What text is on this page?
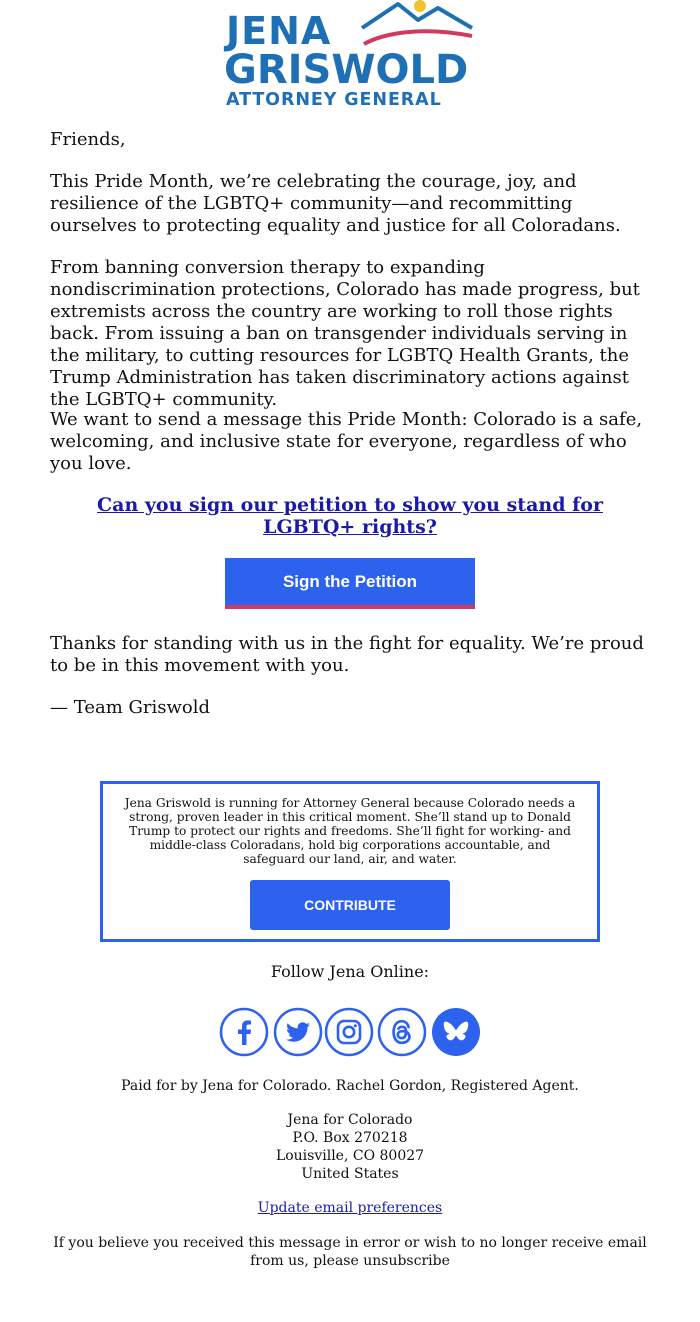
JENA
GRISWOLD
ATTORNEY GENERAL

Friends,

This Pride Month, we’re celebrating the courage, joy, and resilience of the LGBTQ+ community—and recommitting ourselves to protecting equality and justice for all Coloradans.

From banning conversion therapy to expanding nondiscrimination protections, Colorado has made progress, but extremists across the country are working to roll those rights back. From issuing a ban on transgender individuals serving in the military, to cutting resources for LGBTQ Health Grants, the Trump Administration has taken discriminatory actions against the LGBTQ+ community.

We want to send a message this Pride Month: Colorado is a safe, welcoming, and inclusive state for everyone, regardless of who you love.

Can you sign our petition to show you stand for LGBTQ+ rights?
Sign the Petition

Thanks for standing with us in the fight for equality. We’re proud to be in this movement with you.

— Team Griswold

Jena Griswold is running for Attorney General because Colorado needs a strong, proven leader in this critical moment. She’ll stand up to Donald Trump to protect our rights and freedoms. She’ll fight for working- and middle-class Coloradans, hold big corporations accountable, and safeguard our land, air, and water.
CONTRIBUTE
Follow Jena Online:
Paid for by Jena for Colorado. Rachel Gordon, Registered Agent.
Jena for Colorado
P.O. Box 270218
Louisville, CO 80027
United States
Update email preferences
If you believe you received this message in error or wish to no longer receive email from us, please unsubscribe
